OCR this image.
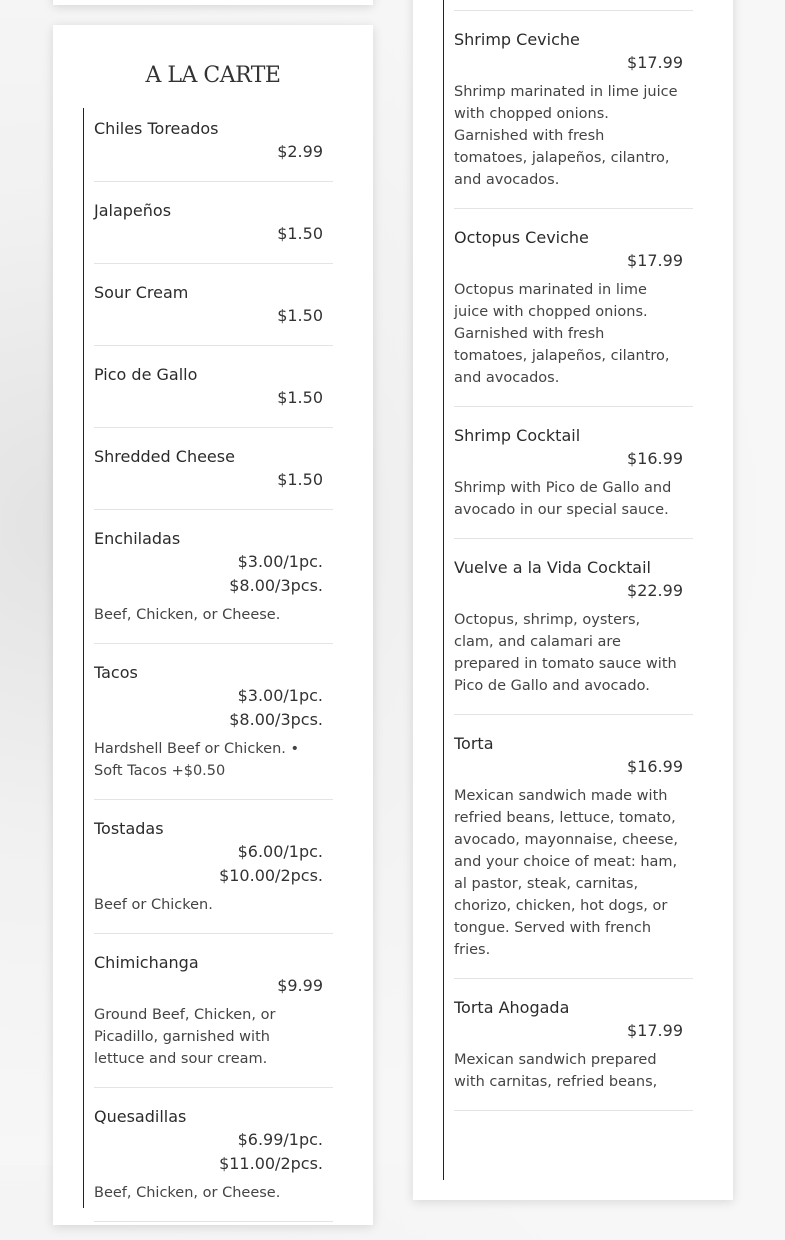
A LA CARTE
Chiles Toreados
$2.99
Jalapeños
$1.50
Sour Cream
$1.50
Pico de Gallo
$1.50
Shredded Cheese
$1.50
Enchiladas
$3.00/1pc.
$8.00/3pcs.
Beef, Chicken, or Cheese.
Tacos
$3.00/1pc.
$8.00/3pcs.
Hardshell Beef or Chicken. • Soft Tacos +$0.50
Tostadas
$6.00/1pc.
$10.00/2pcs.
Beef or Chicken.
Chimichanga
$9.99
Ground Beef, Chicken, or Picadillo, garnished with lettuce and sour cream.
Quesadillas
$6.99/1pc.
$11.00/2pcs.
Beef, Chicken, or Cheese.
Shrimp Ceviche
$17.99
Shrimp marinated in lime juice with chopped onions. Garnished with fresh tomatoes, jalapeños, cilantro, and avocados.
Octopus Ceviche
$17.99
Octopus marinated in lime juice with chopped onions. Garnished with fresh tomatoes, jalapeños, cilantro, and avocados.
Shrimp Cocktail
$16.99
Shrimp with Pico de Gallo and avocado in our special sauce.
Vuelve a la Vida Cocktail
$22.99
Octopus, shrimp, oysters, clam, and calamari are prepared in tomato sauce with Pico de Gallo and avocado.
Torta
$16.99
Mexican sandwich made with refried beans, lettuce, tomato, avocado, mayonnaise, cheese, and your choice of meat: ham, al pastor, steak, carnitas, chorizo, chicken, hot dogs, or tongue. Served with french fries.
Torta Ahogada
$17.99
Mexican sandwich prepared with carnitas, refried beans,
